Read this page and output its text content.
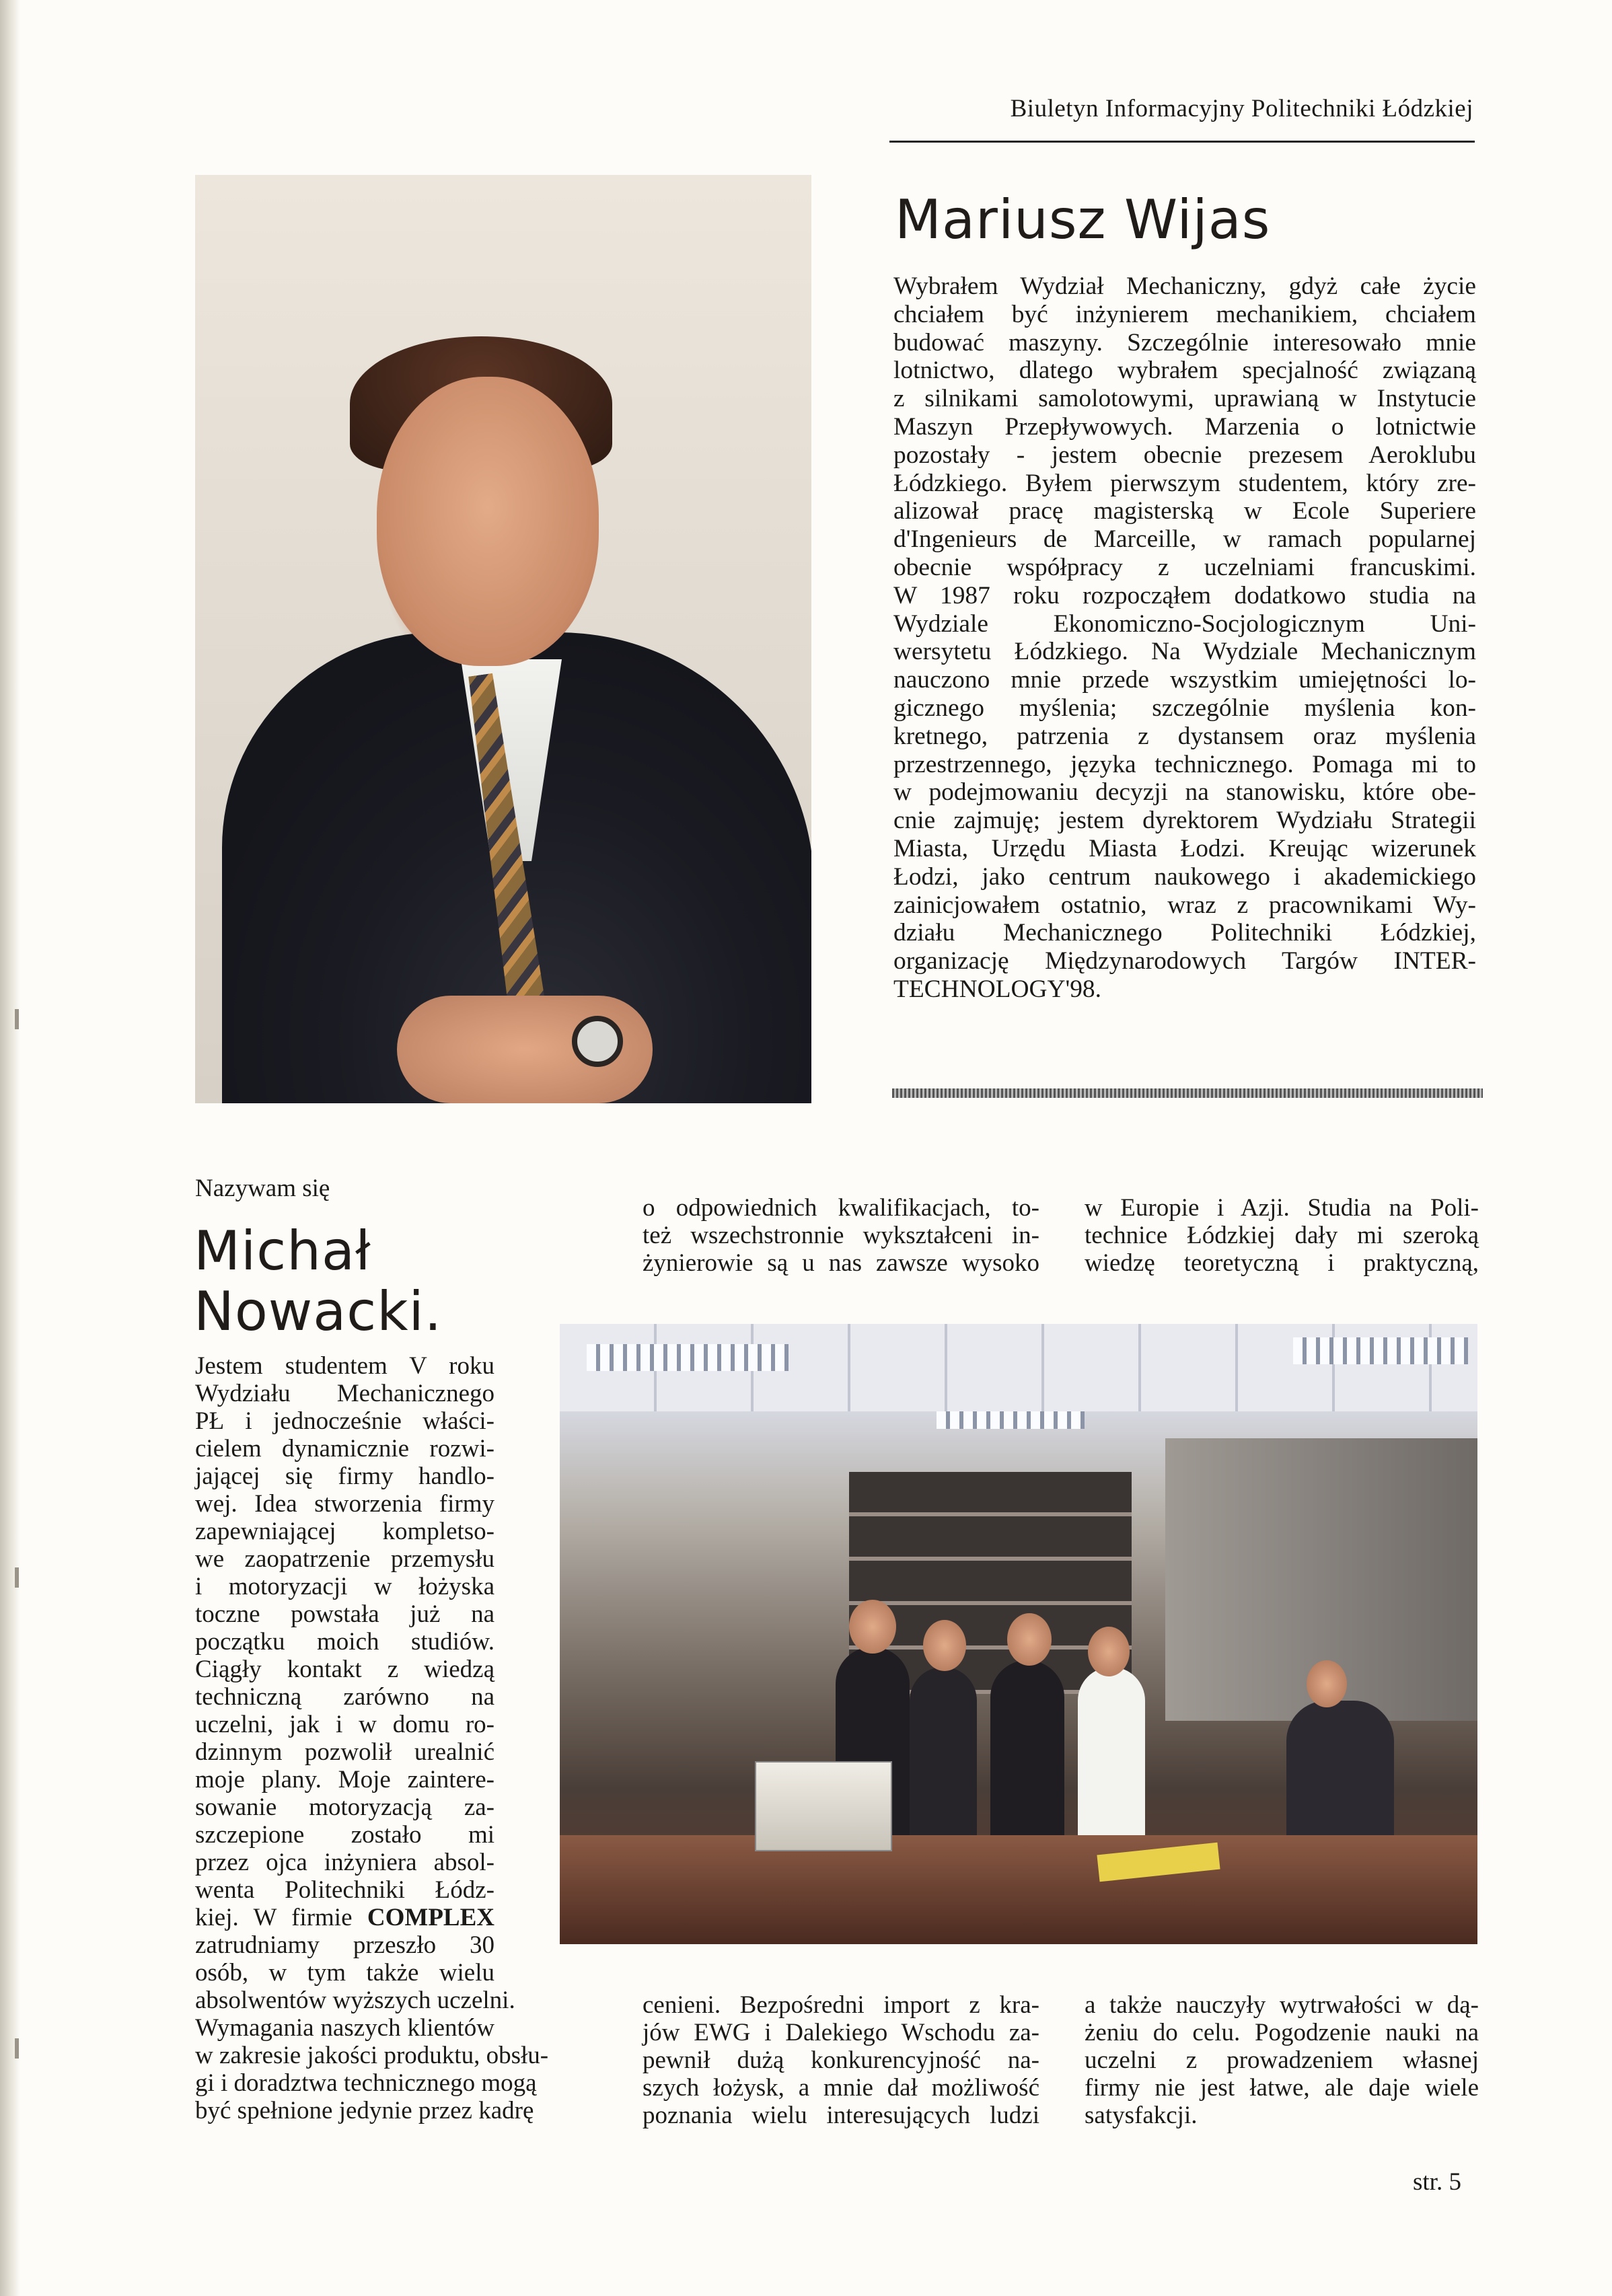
Biuletyn Informacyjny Politechniki Łódzkiej
Mariusz Wijas
Wybrałem Wydział Mechaniczny, gdyż całe życie
chciałem być inżynierem mechanikiem, chciałem
budować maszyny. Szczególnie interesowało mnie
lotnictwo, dlatego wybrałem specjalność związaną
z silnikami samolotowymi, uprawianą w Instytucie
Maszyn Przepływowych. Marzenia o lotnictwie
pozostały - jestem obecnie prezesem Aeroklubu
Łódzkiego. Byłem pierwszym studentem, który zre-
alizował pracę magisterską w Ecole Superiere
d'Ingenieurs de Marceille, w ramach popularnej
obecnie współpracy z uczelniami francuskimi.
W 1987 roku rozpocząłem dodatkowo studia na
Wydziale Ekonomiczno-Socjologicznym Uni-
wersytetu Łódzkiego. Na Wydziale Mechanicznym
nauczono mnie przede wszystkim umiejętności lo-
gicznego myślenia; szczególnie myślenia kon-
kretnego, patrzenia z dystansem oraz myślenia
przestrzennego, języka technicznego. Pomaga mi to
w podejmowaniu decyzji na stanowisku, które obe-
cnie zajmuję; jestem dyrektorem Wydziału Strategii
Miasta, Urzędu Miasta Łodzi. Kreując wizerunek
Łodzi, jako centrum naukowego i akademickiego
zainicjowałem ostatnio, wraz z pracownikami Wy-
działu Mechanicznego Politechniki Łódzkiej,
organizację Międzynarodowych Targów INTER-
TECHNOLOGY'98.
Nazywam się
Michał
Nowacki.
Jestem studentem V roku
Wydziału Mechanicznego
PŁ i jednocześnie właści-
cielem dynamicznie rozwi-
jającej się firmy handlo-
wej. Idea stworzenia firmy
zapewniającej kompletso-
we zaopatrzenie przemysłu
i motoryzacji w łożyska
toczne powstała już na
początku moich studiów.
Ciągły kontakt z wiedzą
techniczną zarówno na
uczelni, jak i w domu ro-
dzinnym pozwolił urealnić
moje plany. Moje zaintere-
sowanie motoryzacją za-
szczepione zostało mi
przez ojca inżyniera absol-
wenta Politechniki Łódz-
kiej. W firmie COMPLEX
zatrudniamy przeszło 30
osób, w tym także wielu
absolwentów wyższych uczelni.
Wymagania naszych klientów
w zakresie jakości produktu, obsłu-
gi i doradztwa technicznego mogą
być spełnione jedynie przez kadrę
o odpowiednich kwalifikacjach, to-
też wszechstronnie wykształceni in-
żynierowie są u nas zawsze wysoko
w Europie i Azji. Studia na Poli-
technice Łódzkiej dały mi szeroką
wiedzę teoretyczną i praktyczną,
cenieni. Bezpośredni import z kra-
jów EWG i Dalekiego Wschodu za-
pewnił dużą konkurencyjność na-
szych łożysk, a mnie dał możliwość
poznania wielu interesujących ludzi
a także nauczyły wytrwałości w dą-
żeniu do celu. Pogodzenie nauki na
uczelni z prowadzeniem własnej
firmy nie jest łatwe, ale daje wiele
satysfakcji.
str. 5
